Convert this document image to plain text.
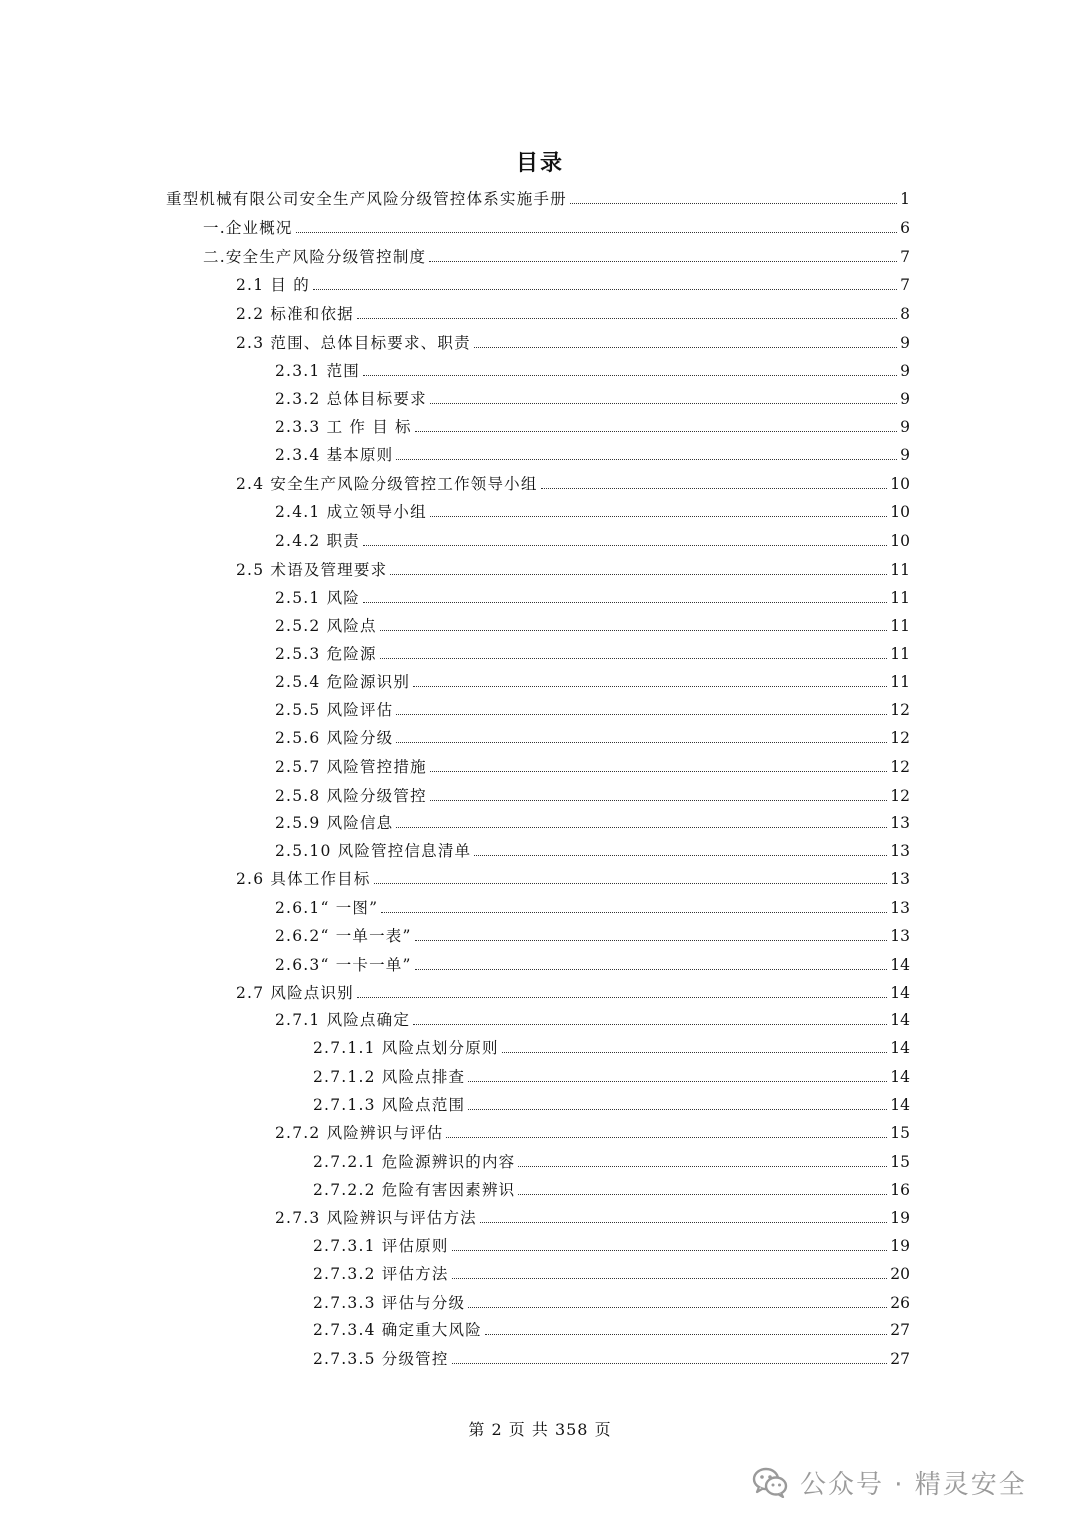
目录
重型机械有限公司安全生产风险分级管控体系实施手册	1
一.企业概况	6
二.安全生产风险分级管控制度	7
2.1 目 的	7
2.2 标准和依据	8
2.3 范围、总体目标要求、职责	9
2.3.1 范围	9
2.3.2 总体目标要求	9
2.3.3 工 作 目 标	9
2.3.4 基本原则	9
2.4 安全生产风险分级管控工作领导小组	10
2.4.1 成立领导小组	10
2.4.2 职责	10
2.5 术语及管理要求	11
2.5.1 风险	11
2.5.2 风险点	11
2.5.3 危险源	11
2.5.4 危险源识别	11
2.5.5 风险评估	12
2.5.6 风险分级	12
2.5.7 风险管控措施	12
2.5.8 风险分级管控	12
2.5.9 风险信息	13
2.5.10 风险管控信息清单	13
2.6 具体工作目标	13
2.6.1“ 一图”	13
2.6.2“ 一单一表”	13
2.6.3“ 一卡一单”	14
2.7 风险点识别	14
2.7.1 风险点确定	14
2.7.1.1 风险点划分原则	14
2.7.1.2 风险点排查	14
2.7.1.3 风险点范围	14
2.7.2 风险辨识与评估	15
2.7.2.1 危险源辨识的内容	15
2.7.2.2 危险有害因素辨识	16
2.7.3 风险辨识与评估方法	19
2.7.3.1 评估原则	19
2.7.3.2 评估方法	20
2.7.3.3 评估与分级	26
2.7.3.4 确定重大风险	27
2.7.3.5 分级管控	27
第 2 页 共 358 页
公众号 · 精灵安全
